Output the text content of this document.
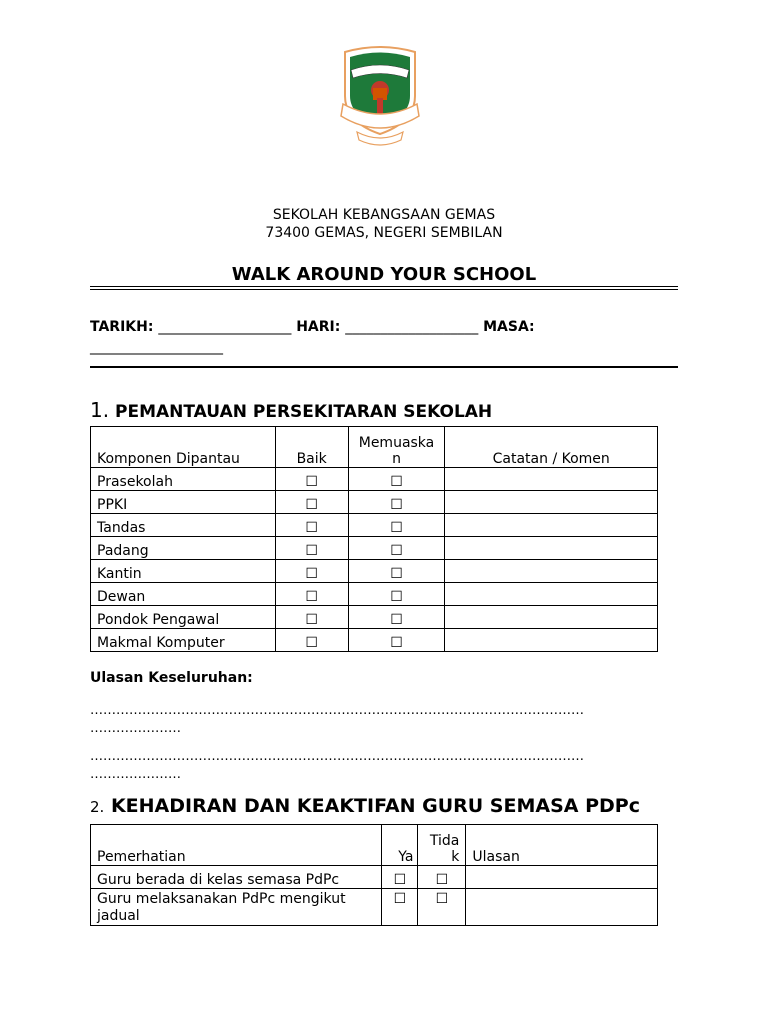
SEKOLAH KEBANGSAAN GEMAS
73400 GEMAS, NEGERI SEMBILAN
WALK AROUND YOUR SCHOOL
TARIKH: ___________________ HARI: ___________________ MASA:
___________________
1. PEMANTAUAN PERSEKITARAN SEKOLAH
Komponen Dipantau	Baik	Memuaskan	Catatan / Komen
Prasekolah	☐	☐	
PPKI	☐	☐	
Tandas	☐	☐	
Padang	☐	☐	
Kantin	☐	☐	
Dewan	☐	☐	
Pondok Pengawal	☐	☐	
Makmal Komputer	☐	☐	
Ulasan Keseluruhan:
……………………………………………………………………………………………………
…………………
……………………………………………………………………………………………………
…………………
2. KEHADIRAN DAN KEAKTIFAN GURU SEMASA PDPc
Pemerhatian	Ya	Tidak	Ulasan
Guru berada di kelas semasa PdPc	☐	☐	
Guru melaksanakan PdPc mengikut jadual	☐	☐	
